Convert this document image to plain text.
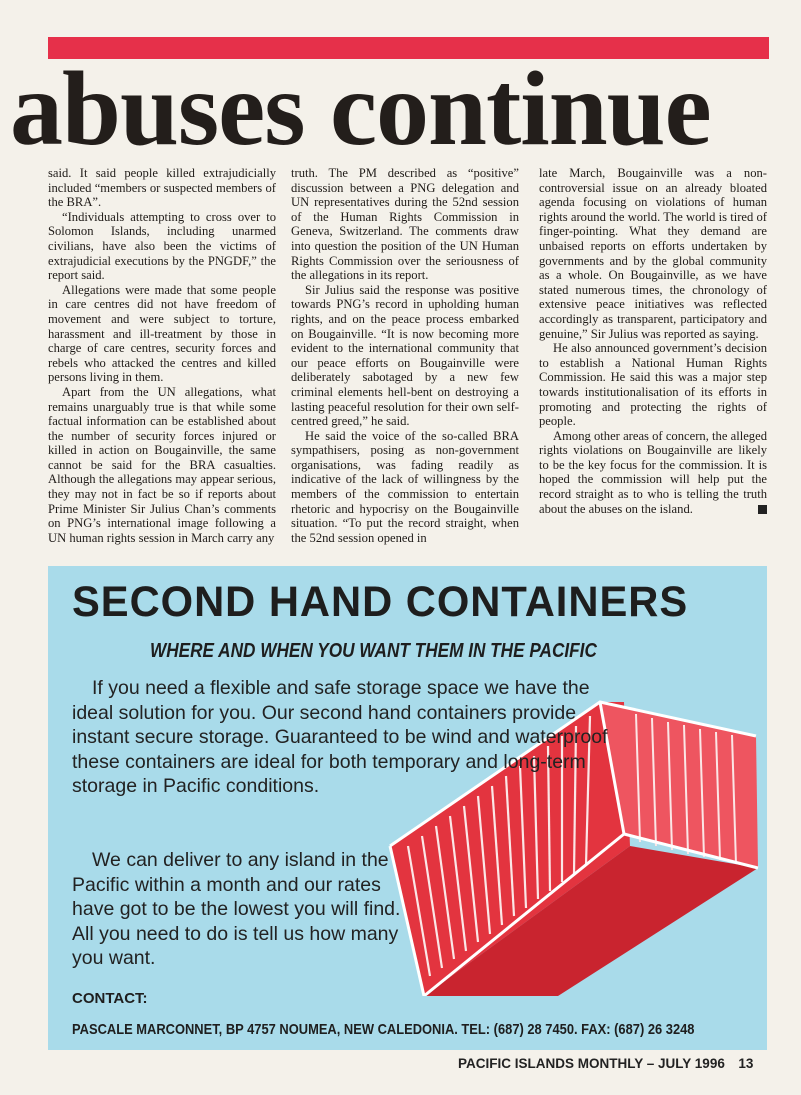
abuses continue

said. It said people killed extrajudicially included “members or suspected members of the BRA”.

“Individuals attempting to cross over to Solomon Islands, including unarmed civilians, have also been the victims of extrajudicial executions by the PNGDF,” the report said.

Allegations were made that some people in care centres did not have freedom of movement and were subject to torture, harassment and ill-treatment by those in charge of care centres, security forces and rebels who attacked the centres and killed persons living in them.

Apart from the UN allegations, what remains unarguably true is that while some factual information can be established about the number of security forces injured or killed in action on Bougainville, the same cannot be said for the BRA casualties. Although the allegations may appear serious, they may not in fact be so if reports about Prime Minister Sir Julius Chan’s comments on PNG’s international image following a UN human rights session in March carry any

truth. The PM described as “positive” discussion between a PNG delegation and UN representatives during the 52nd session of the Human Rights Commission in Geneva, Switzerland. The comments draw into question the position of the UN Human Rights Commission over the seriousness of the allegations in its report.

Sir Julius said the response was positive towards PNG’s record in upholding human rights, and on the peace process embarked on Bougainville. “It is now becoming more evident to the international community that our peace efforts on Bougainville were deliberately sabotaged by a new few criminal elements hell-bent on destroying a lasting peaceful resolution for their own self-centred greed,” he said.

He said the voice of the so-called BRA sympathisers, posing as non-government organisations, was fading readily as indicative of the lack of willingness by the members of the commission to entertain rhetoric and hypocrisy on the Bougainville situation. “To put the record straight, when the 52nd session opened in

late March, Bougainville was a non-controversial issue on an already bloated agenda focusing on violations of human rights around the world. The world is tired of finger-pointing. What they demand are unbaised reports on efforts undertaken by governments and by the global community as a whole. On Bougainville, as we have stated numerous times, the chronology of extensive peace initiatives was reflected accordingly as transparent, participatory and genuine,” Sir Julius was reported as saying.

He also announced government’s decision to establish a National Human Rights Commission. He said this was a major step towards institutionalisation of its efforts in promoting and protecting the rights of people.

Among other areas of concern, the alleged rights violations on Bougainville are likely to be the key focus for the commission. It is hoped the commission will help put the record straight as to who is telling the truth about the abuses on the island.

SECOND HAND CONTAINERS
WHERE AND WHEN YOU WANT THEM IN THE PACIFIC
If you need a flexible and safe storage space we have the ideal solution for you. Our second hand containers provide instant secure storage. Guaranteed to be wind and waterproof these containers are ideal for both temporary and long-term storage in Pacific conditions.
We can deliver to any island in the Pacific within a month and our rates have got to be the lowest you will find. All you need to do is tell us how many you want.
CONTACT:
PASCALE MARCONNET, BP 4757 NOUMEA, NEW CALEDONIA. TEL: (687) 28 7450. FAX: (687) 26 3248
PACIFIC ISLANDS MONTHLY – JULY 1996 13
